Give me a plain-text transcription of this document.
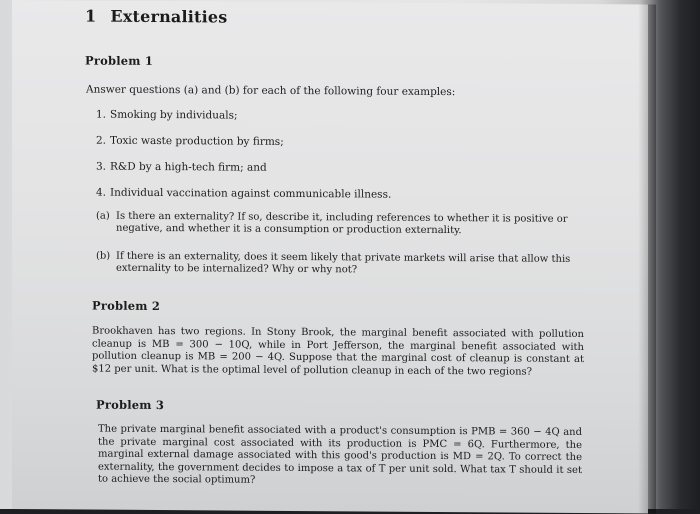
1 Externalities
Problem 1
Answer questions (a) and (b) for each of the following four examples:
1. Smoking by individuals;
2. Toxic waste production by firms;
3. R&D by a high-tech firm; and
4. Individual vaccination against communicable illness.
(a) Is there an externality? If so, describe it, including references to whether it is positive or negative, and whether it is a consumption or production externality.
(b) If there is an externality, does it seem likely that private markets will arise that allow this externality to be internalized? Why or why not?
Problem 2
Brookhaven has two regions. In Stony Brook, the marginal benefit associated with pollution cleanup is MB = 300 − 10Q, while in Port Jefferson, the marginal benefit associated with pollution cleanup is MB = 200 − 4Q. Suppose that the marginal cost of cleanup is constant at $12 per unit. What is the optimal level of pollution cleanup in each of the two regions?
Problem 3
The private marginal benefit associated with a product's consumption is PMB = 360 − 4Q and the private marginal cost associated with its production is PMC = 6Q. Furthermore, the marginal external damage associated with this good's production is MD = 2Q. To correct the externality, the government decides to impose a tax of T per unit sold. What tax T should it set to achieve the social optimum?
